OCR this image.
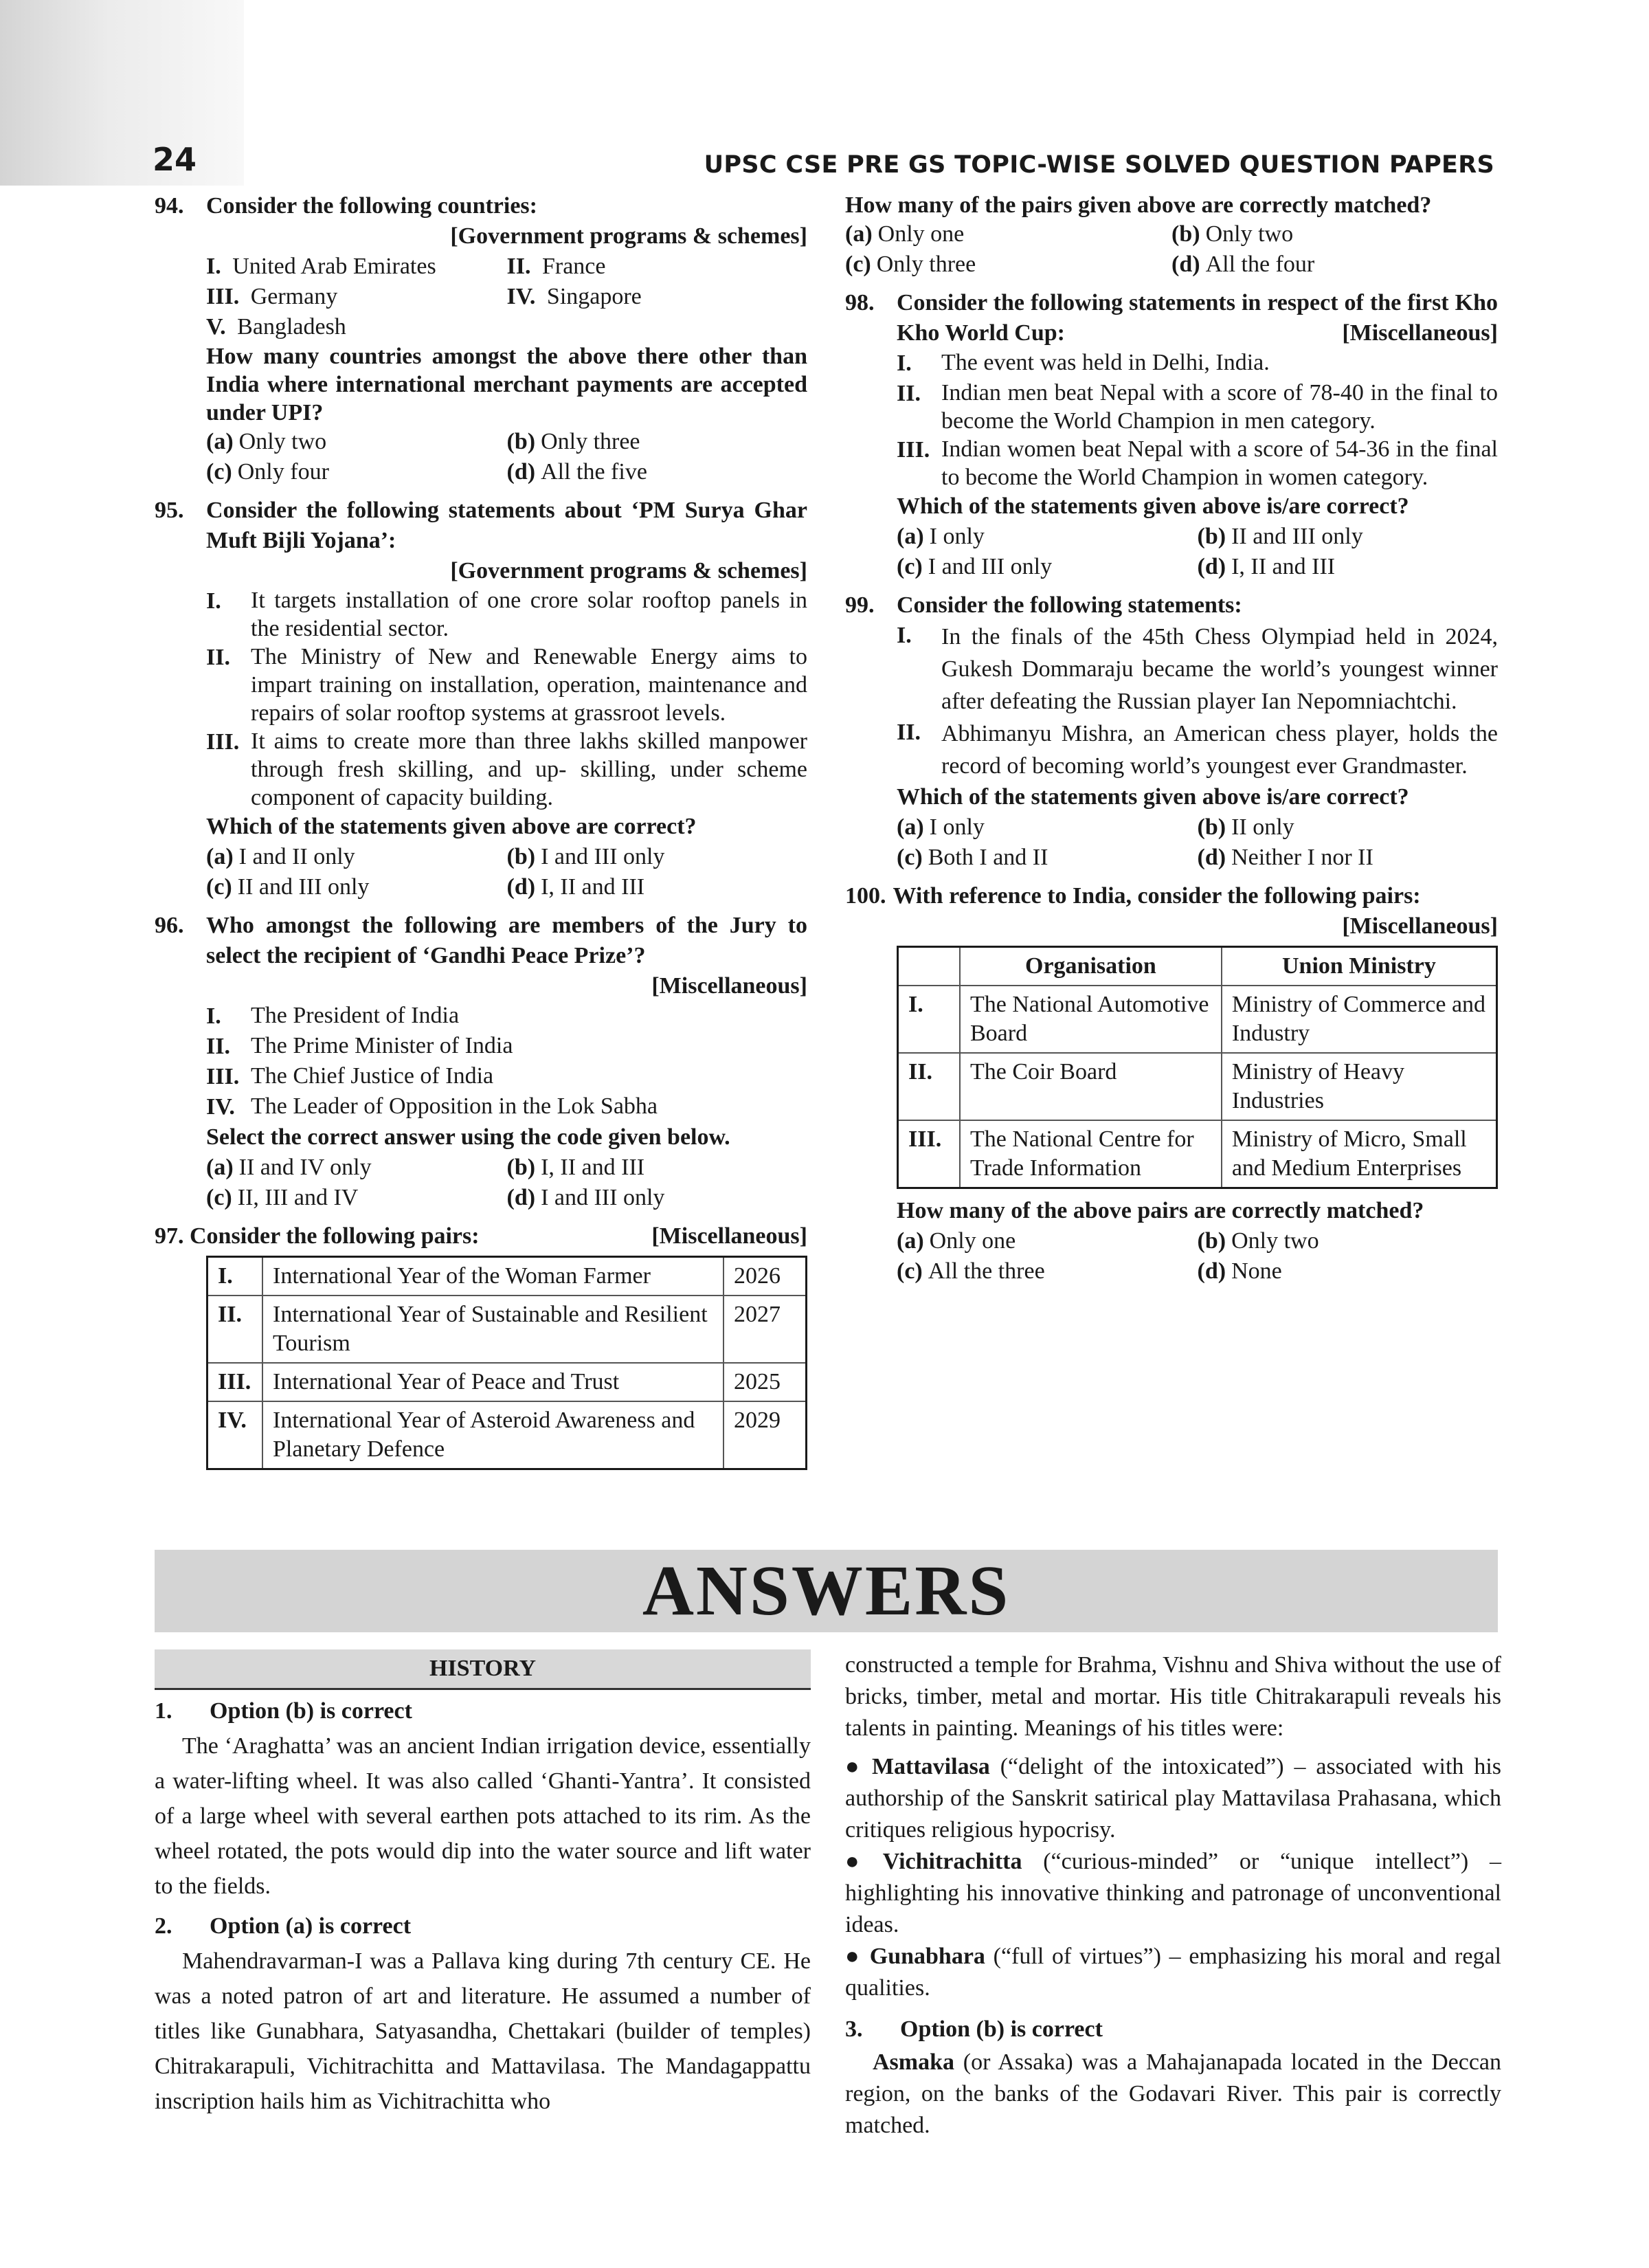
24	UPSC CSE PRE GS TOPIC-WISE SOLVED QUESTION PAPERS
94. Consider the following countries:
[Government programs & schemes]
I. United Arab Emirates	II. France
III. Germany	IV. Singapore
V. Bangladesh
How many countries amongst the above there other than India where international merchant payments are accepted under UPI?
(a) Only two	(b) Only three
(c) Only four	(d) All the five
95. Consider the following statements about ‘PM Surya Ghar Muft Bijli Yojana’:
[Government programs & schemes]
I.	It targets installation of one crore solar rooftop panels in the residential sector.
II. The Ministry of New and Renewable Energy aims to impart training on installation, operation, maintenance and repairs of solar rooftop systems at grassroot levels.
III. It aims to create more than three lakhs skilled manpower through fresh skilling, and up- skilling, under scheme component of capacity building.
Which of the statements given above are correct?
(a) I and II only	(b) I and III only
(c) II and III only	(d) I, II and III
96. Who amongst the following are members of the Jury to select the recipient of ‘Gandhi Peace Prize’?
[Miscellaneous]
I.	The President of India
II. The Prime Minister of India
III. The Chief Justice of India
IV. The Leader of Opposition in the Lok Sabha
Select the correct answer using the code given below.
(a) II and IV only	(b) I, II and III
(c) II, III and IV	(d) I and III only
97. Consider the following pairs:	[Miscellaneous]
I.	International Year of the Woman Farmer	2026
II.	International Year of Sustainable and Resilient Tourism	2027
III.	International Year of Peace and Trust	2025
IV.	International Year of Asteroid Awareness and Planetary Defence	2029
How many of the pairs given above are correctly matched?
(a) Only one	(b) Only two
(c) Only three	(d) All the four
98. Consider the following statements in respect of the first Kho Kho World Cup:	[Miscellaneous]
I.	The event was held in Delhi, India.
II. Indian men beat Nepal with a score of 78-40 in the final to become the World Champion in men category.
III. Indian women beat Nepal with a score of 54-36 in the final to become the World Champion in women category.
Which of the statements given above is/are correct?
(a) I only	(b) II and III only
(c) I and III only	(d) I, II and III
99. Consider the following statements:
I.	In the finals of the 45th Chess Olympiad held in 2024, Gukesh Dommaraju became the world’s youngest winner after defeating the Russian player Ian Nepomniachtchi.
II. Abhimanyu Mishra, an American chess player, holds the record of becoming world’s youngest ever Grandmaster.
Which of the statements given above is/are correct?
(a) I only	(b) II only
(c) Both I and II	(d) Neither I nor II
100. With reference to India, consider the following pairs:
[Miscellaneous]
	Organisation	Union Ministry
I.	The National Automotive Board	Ministry of Commerce and Industry
II.	The Coir Board	Ministry of Heavy Industries
III.	The National Centre for Trade Information	Ministry of Micro, Small and Medium Enterprises
How many of the above pairs are correctly matched?
(a) Only one	(b) Only two
(c) All the three	(d) None
ANSWERS
HISTORY
1.	Option (b) is correct

The ‘Araghatta’ was an ancient Indian irrigation device, essentially a water-lifting wheel. It was also called ‘Ghanti-Yantra’. It consisted of a large wheel with several earthen pots attached to its rim. As the wheel rotated, the pots would dip into the water source and lift water to the fields.

2.	Option (a) is correct

Mahendravarman-I was a Pallava king during 7th century CE. He was a noted patron of art and literature. He assumed a number of titles like Gunabhara, Satyasandha, Chettakari (builder of temples) Chitrakarapuli, Vichitrachitta and Mattavilasa. The Mandagappattu inscription hails him as Vichitrachitta who

constructed a temple for Brahma, Vishnu and Shiva without the use of bricks, timber, metal and mortar. His title Chitrakarapuli reveals his talents in painting. Meanings of his titles were:

● Mattavilasa (“delight of the intoxicated”) – associated with his authorship of the Sanskrit satirical play Mattavilasa Prahasana, which critiques religious hypocrisy.

● Vichitrachitta (“curious-minded” or “unique intellect”) – highlighting his innovative thinking and patronage of unconventional ideas.

● Gunabhara (“full of virtues”) – emphasizing his moral and regal qualities.

3.	Option (b) is correct

Asmaka (or Assaka) was a Mahajanapada located in the Deccan region, on the banks of the Godavari River. This pair is correctly matched.
